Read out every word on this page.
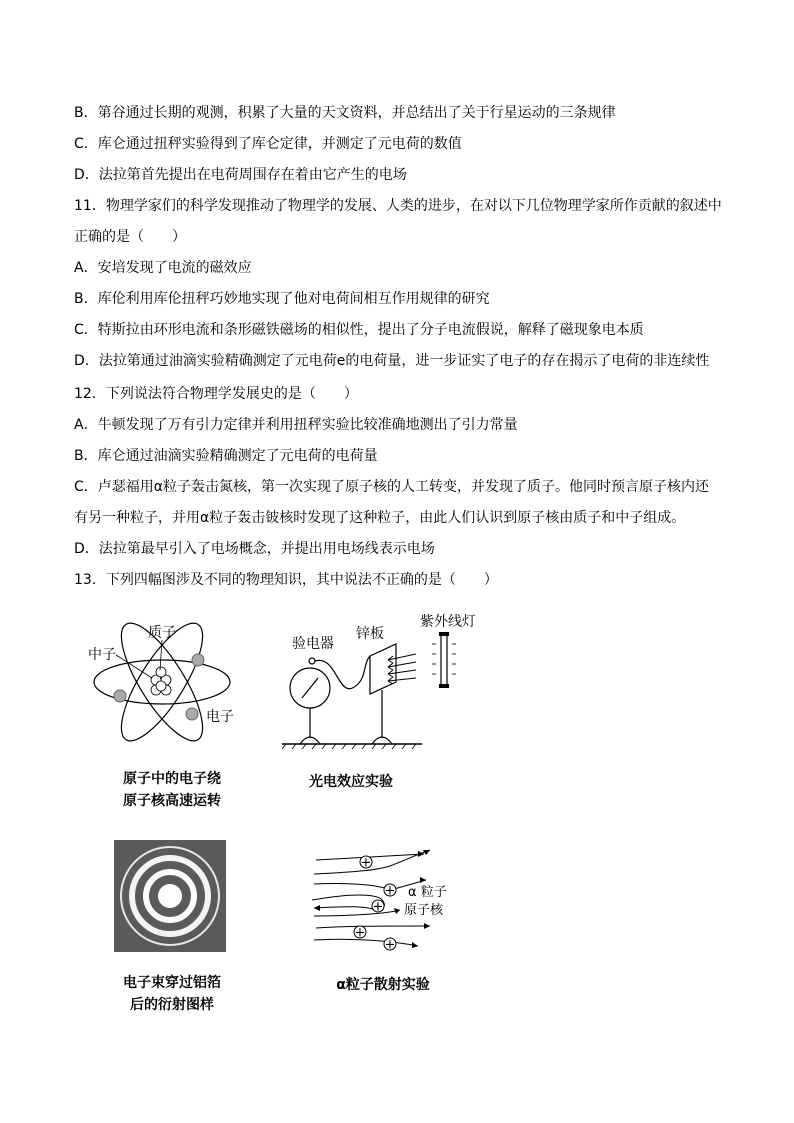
B．第谷通过长期的观测，积累了大量的天文资料，并总结出了关于行星运动的三条规律
C．库仑通过扭秤实验得到了库仑定律，并测定了元电荷的数值
D．法拉第首先提出在电荷周围存在着由它产生的电场
11．物理学家们的科学发现推动了物理学的发展、人类的进步，在对以下几位物理学家所作贡献的叙述中
正确的是（　　）
A．安培发现了电流的磁效应
B．库伦利用库伦扭秤巧妙地实现了他对电荷间相互作用规律的研究
C．特斯拉由环形电流和条形磁铁磁场的相似性，提出了分子电流假说，解释了磁现象电本质
D．法拉第通过油滴实验精确测定了元电荷e的电荷量，进一步证实了电子的存在揭示了电荷的非连续性
12．下列说法符合物理学发展史的是（　　）
A．牛顿发现了万有引力定律并利用扭秤实验比较准确地测出了引力常量
B．库仑通过油滴实验精确测定了元电荷的电荷量
C．卢瑟福用α粒子轰击氮核，第一次实现了原子核的人工转变，并发现了质子。他同时预言原子核内还
有另一种粒子，并用α粒子轰击铍核时发现了这种粒子，由此人们认识到原子核由质子和中子组成。
D．法拉第最早引入了电场概念，并提出用电场线表示电场
13．下列四幅图涉及不同的物理知识，其中说法不正确的是（　　）
质子
中子
电子
原子中的电子绕
原子核高速运转
验电器
锌板
紫外线灯
光电效应实验
电子束穿过铝箔
后的衍射图样
+
+
+
+
+
α 粒子
原子核
α粒子散射实验
